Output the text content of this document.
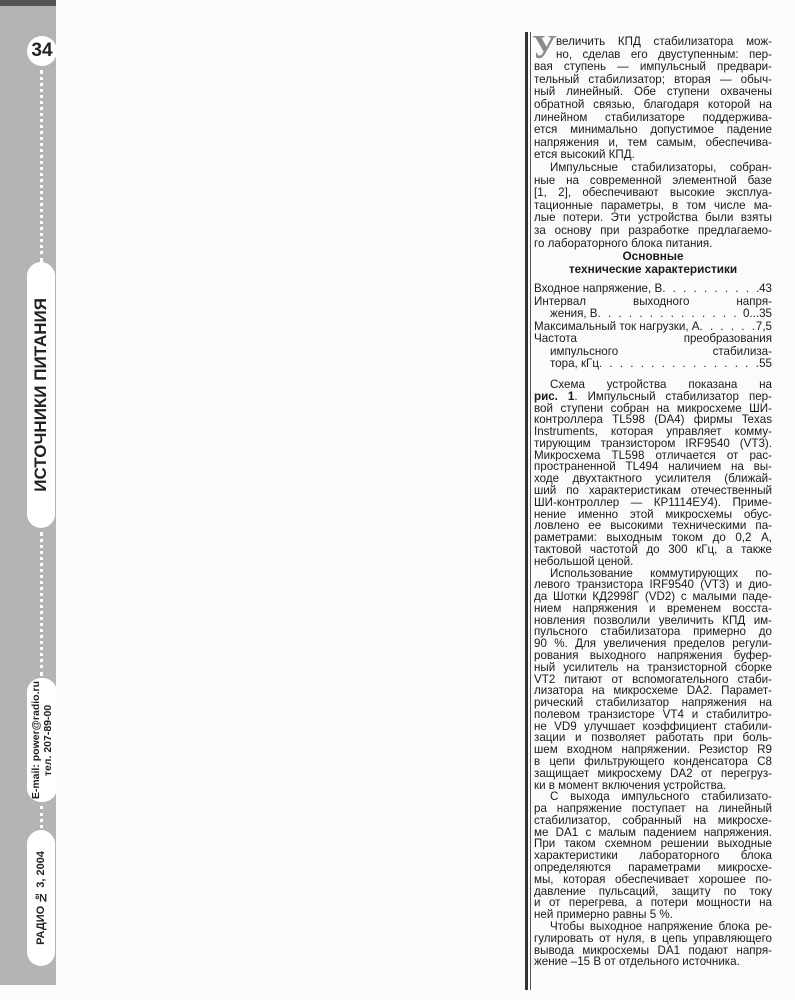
34
ИСТОЧНИКИ ПИТАНИЯ
E-mail: power@radio.ru
тел. 207-89-00
РАДИО № 3, 2004
У величить КПД стабилизатора мож-
но, сделав его двуступенным: пер-
вая ступень — импульсный предвари-
тельный стабилизатор; вторая — обыч-
ный линейный. Обе ступени охвачены
обратной связью, благодаря которой на
линейном стабилизаторе поддержива-
ется минимально допустимое падение
напряжения и, тем самым, обеспечива-
ется высокий КПД.
Импульсные стабилизаторы, собран-
ные на современной элементной базе
[1, 2], обеспечивают высокие эксплуа-
тационные параметры, в том числе ма-
лые потери. Эти устройства были взяты
за основу при разработке предлагаемо-
го лабораторного блока питания.
Основные
технические характеристики
Входное напряжение, В . . .	43
Интервал выходного напря-
жения, В . . .	0...35
Максимальный ток нагрузки, А . . .	7,5
Частота преобразования
импульсного стабилиза-
тора, кГц . . .	55
Схема устройства показана на
рис. 1. Импульсный стабилизатор пер-
вой ступени собран на микросхеме ШИ-
контроллера TL598 (DA4) фирмы Texas
Instruments, которая управляет комму-
тирующим транзистором IRF9540 (VT3).
Микросхема TL598 отличается от рас-
пространенной TL494 наличием на вы-
ходе двухтактного усилителя (ближай-
ший по характеристикам отечественный
ШИ-контроллер — КР1114ЕУ4). Приме-
нение именно этой микросхемы обус-
ловлено ее высокими техническими па-
раметрами: выходным током до 0,2 А,
тактовой частотой до 300 кГц, а также
небольшой ценой.
Использование коммутирующих по-
левого транзистора IRF9540 (VT3) и дио-
да Шотки КД2998Г (VD2) с малыми паде-
нием напряжения и временем восста-
новления позволили увеличить КПД им-
пульсного стабилизатора примерно до
90 %. Для увеличения пределов регули-
рования выходного напряжения буфер-
ный усилитель на транзисторной сборке
VT2 питают от вспомогательного стаби-
лизатора на микросхеме DA2. Парамет-
рический стабилизатор напряжения на
полевом транзисторе VT4 и стабилитро-
не VD9 улучшает коэффициент стабили-
зации и позволяет работать при боль-
шем входном напряжении. Резистор R9
в цепи фильтрующего конденсатора С8
защищает микросхему DA2 от перегруз-
ки в момент включения устройства.
С выхода импульсного стабилизато-
ра напряжение поступает на линейный
стабилизатор, собранный на микросхе-
ме DA1 с малым падением напряжения.
При таком схемном решении выходные
характеристики лабораторного блока
определяются параметрами микросхе-
мы, которая обеспечивает хорошее по-
давление пульсаций, защиту по току
и от перегрева, а потери мощности на
ней примерно равны 5 %.
Чтобы выходное напряжение блока ре-
гулировать от нуля, в цепь управляющего
вывода микросхемы DA1 подают напря-
жение –15 В от отдельного источника.
